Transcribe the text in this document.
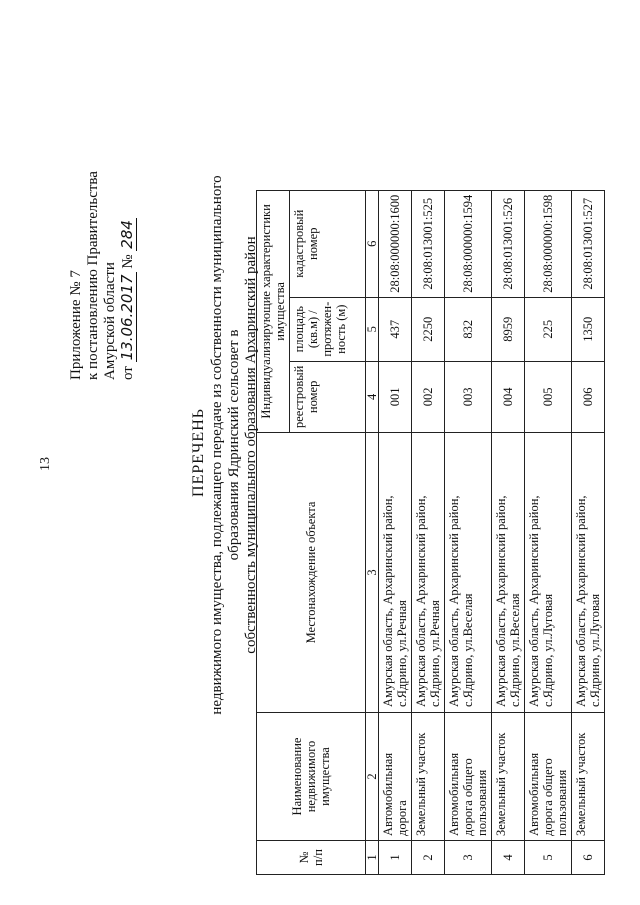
13
Приложение № 7 к постановлению Правительства Амурской области от 13.06.2017 № 284
ПЕРЕЧЕНЬ недвижимого имущества, подлежащего передаче из собственности муниципального образования Ядринский сельсовет в собственность муниципального образования Архаринский район
№ п/п	Наименование недвижимого имущества	Местонахождение объекта	Индивидуализирующие характеристики имущества		
			реестровый номер	площадь (кв.м) / протяжен-ность (м)	кадастровый номер
1	2	3	4	5	6
1	Автомобильная дорога	Амурская область, Архаринский район, с.Ядрино, ул.Речная	001	437	28:08:000000:1600
2	Земельный участок	Амурская область, Архаринский район, с.Ядрино, ул.Речная	002	2250	28:08:013001:525
3	Автомобильная дорога общего пользования	Амурская область, Архаринский район, с.Ядрино, ул.Веселая	003	832	28:08:000000:1594
4	Земельный участок	Амурская область, Архаринский район, с.Ядрино, ул.Веселая	004	8959	28:08:013001:526
5	Автомобильная дорога общего пользования	Амурская область, Архаринский район, с.Ядрино, ул.Луговая	005	225	28:08:000000:1598
6	Земельный участок	Амурская область, Архаринский район, с.Ядрино, ул.Луговая	006	1350	28:08:013001:527
